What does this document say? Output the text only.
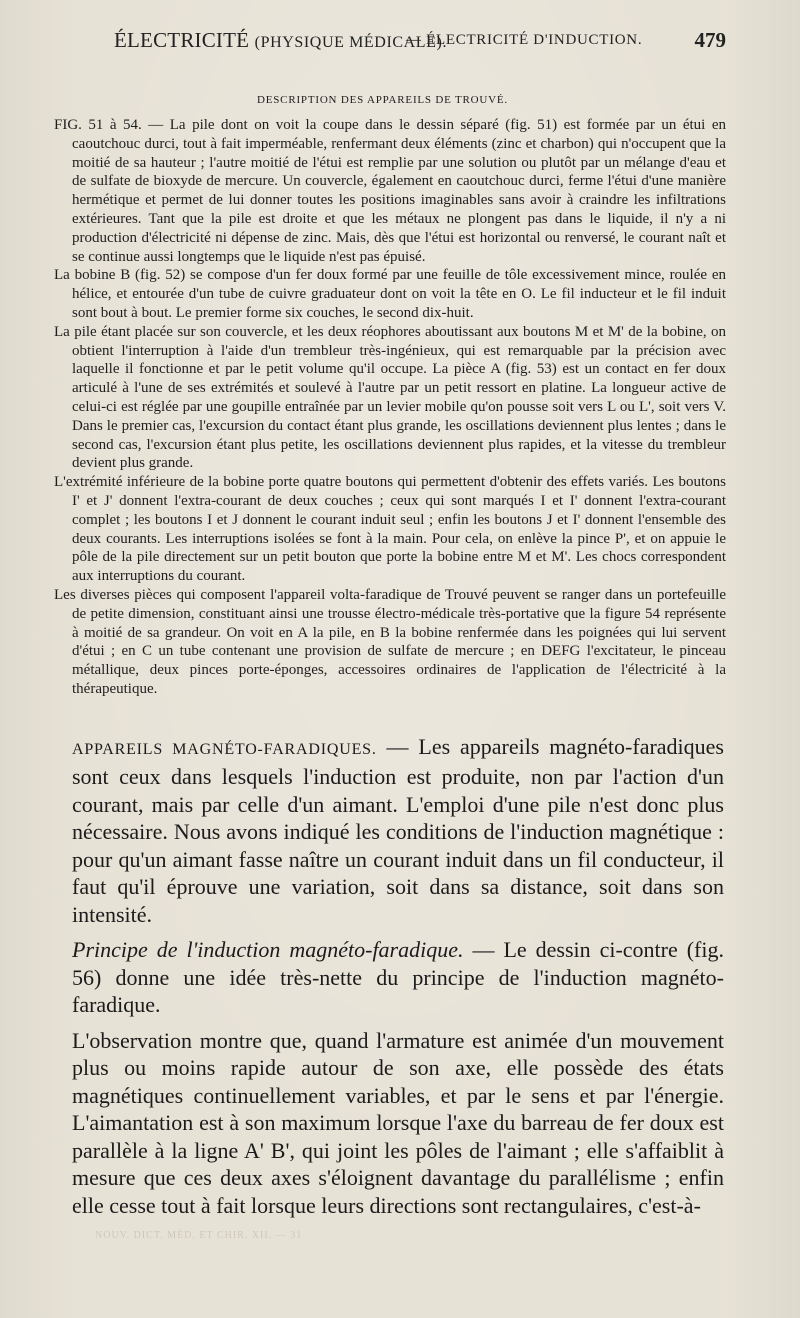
ÉLECTRICITÉ (PHYSIQUE MÉDICALE).
— ÉLECTRICITÉ D'INDUCTION. 479
DESCRIPTION DES APPAREILS DE TROUVÉ.

FIG. 51 à 54. — La pile dont on voit la coupe dans le dessin séparé (fig. 51) est formée par un étui en caoutchouc durci, tout à fait imperméable, renfermant deux éléments (zinc et charbon) qui n'occupent que la moitié de sa hauteur ; l'autre moitié de l'étui est remplie par une solution ou plutôt par un mélange d'eau et de sulfate de bioxyde de mercure. Un couvercle, également en caoutchouc durci, ferme l'étui d'une manière hermétique et permet de lui donner toutes les positions imaginables sans avoir à craindre les infiltrations extérieures. Tant que la pile est droite et que les métaux ne plongent pas dans le liquide, il n'y a ni production d'électricité ni dépense de zinc. Mais, dès que l'étui est horizontal ou renversé, le courant naît et se continue aussi longtemps que le liquide n'est pas épuisé.

La bobine B (fig. 52) se compose d'un fer doux formé par une feuille de tôle excessivement mince, roulée en hélice, et entourée d'un tube de cuivre graduateur dont on voit la tête en O. Le fil inducteur et le fil induit sont bout à bout. Le premier forme six couches, le second dix-huit.

La pile étant placée sur son couvercle, et les deux réophores aboutissant aux boutons M et M' de la bobine, on obtient l'interruption à l'aide d'un trembleur très-ingénieux, qui est remarquable par la précision avec laquelle il fonctionne et par le petit volume qu'il occupe. La pièce A (fig. 53) est un contact en fer doux articulé à l'une de ses extrémités et soulevé à l'autre par un petit ressort en platine. La longueur active de celui-ci est réglée par une goupille entraînée par un levier mobile qu'on pousse soit vers L ou L', soit vers V. Dans le premier cas, l'excursion du contact étant plus grande, les oscillations deviennent plus lentes ; dans le second cas, l'excursion étant plus petite, les oscillations deviennent plus rapides, et la vitesse du trembleur devient plus grande.

L'extrémité inférieure de la bobine porte quatre boutons qui permettent d'obtenir des effets variés. Les boutons I' et J' donnent l'extra-courant de deux couches ; ceux qui sont marqués I et I' donnent l'extra-courant complet ; les boutons I et J donnent le courant induit seul ; enfin les boutons J et I' donnent l'ensemble des deux courants. Les interruptions isolées se font à la main. Pour cela, on enlève la pince P', et on appuie le pôle de la pile directement sur un petit bouton que porte la bobine entre M et M'. Les chocs correspondent aux interruptions du courant.

Les diverses pièces qui composent l'appareil volta-faradique de Trouvé peuvent se ranger dans un portefeuille de petite dimension, constituant ainsi une trousse électro-médicale très-portative que la figure 54 représente à moitié de sa grandeur. On voit en A la pile, en B la bobine renfermée dans les poignées qui lui servent d'étui ; en C un tube contenant une provision de sulfate de mercure ; en DEFG l'excitateur, le pinceau métallique, deux pinces porte-éponges, accessoires ordinaires de l'application de l'électricité à la thérapeutique.

APPAREILS MAGNÉTO-FARADIQUES. — Les appareils magnéto-faradiques sont ceux dans lesquels l'induction est produite, non par l'action d'un courant, mais par celle d'un aimant. L'emploi d'une pile n'est donc plus nécessaire. Nous avons indiqué les conditions de l'induction magnétique : pour qu'un aimant fasse naître un courant induit dans un fil conducteur, il faut qu'il éprouve une variation, soit dans sa distance, soit dans son intensité.

Principe de l'induction magnéto-faradique. — Le dessin ci-contre (fig. 56) donne une idée très-nette du principe de l'induction magnéto-faradique.

L'observation montre que, quand l'armature est animée d'un mouvement plus ou moins rapide autour de son axe, elle possède des états magnétiques continuellement variables, et par le sens et par l'énergie. L'aimantation est à son maximum lorsque l'axe du barreau de fer doux est parallèle à la ligne A' B', qui joint les pôles de l'aimant ; elle s'affaiblit à mesure que ces deux axes s'éloignent davantage du parallélisme ; enfin elle cesse tout à fait lorsque leurs directions sont rectangulaires, c'est-à-

NOUV. DICT. MÉD. ET CHIR. XII. — 31
